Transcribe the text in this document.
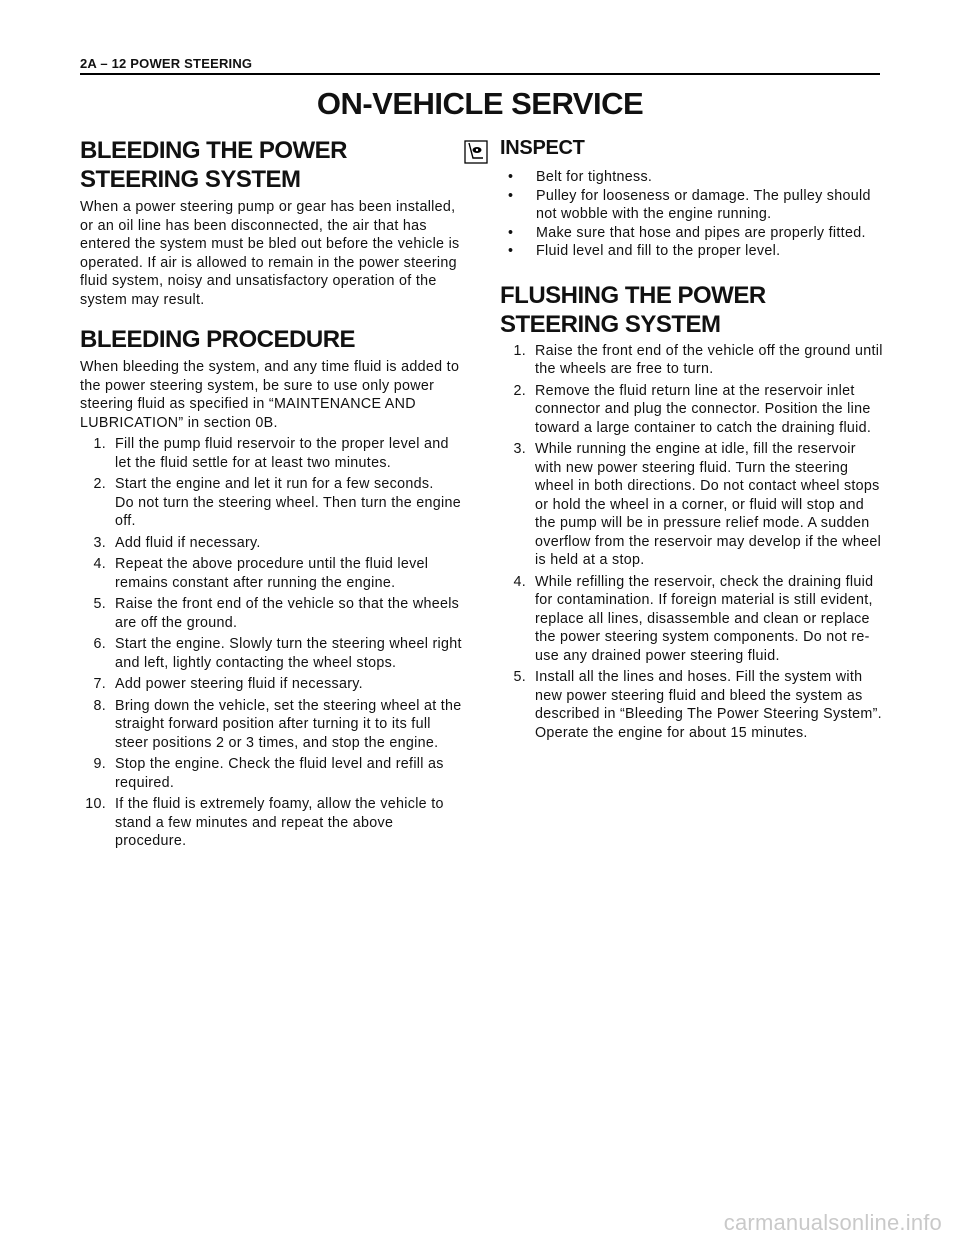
2A – 12 POWER STEERING
ON-VEHICLE SERVICE
BLEEDING THE POWER STEERING SYSTEM

When a power steering pump or gear has been installed, or an oil line has been disconnected, the air that has entered the system must be bled out before the vehicle is operated. If air is allowed to remain in the power steering fluid system, noisy and unsatisfactory operation of the system may result.

BLEEDING PROCEDURE

When bleeding the system, and any time fluid is added to the power steering system, be sure to use only power steering fluid as specified in “MAINTENANCE AND LUBRICATION” in section 0B.

1. Fill the pump fluid reservoir to the proper level and let the fluid settle for at least two minutes.
2. Start the engine and let it run for a few seconds.
Do not turn the steering wheel. Then turn the engine off.
3. Add fluid if necessary.
4. Repeat the above procedure until the fluid level remains constant after running the engine.
5. Raise the front end of the vehicle so that the wheels are off the ground.
6. Start the engine. Slowly turn the steering wheel right and left, lightly contacting the wheel stops.
7. Add power steering fluid if necessary.
8. Bring down the vehicle, set the steering wheel at the straight forward position after turning it to its full steer positions 2 or 3 times, and stop the engine.
9. Stop the engine. Check the fluid level and refill as required.
10. If the fluid is extremely foamy, allow the vehicle to stand a few minutes and repeat the above procedure.
INSPECT
• Belt for tightness.
• Pulley for looseness or damage. The pulley should not wobble with the engine running.
• Make sure that hose and pipes are properly fitted.
• Fluid level and fill to the proper level.
FLUSHING THE POWER STEERING SYSTEM
1. Raise the front end of the vehicle off the ground until the wheels are free to turn.
2. Remove the fluid return line at the reservoir inlet connector and plug the connector. Position the line toward a large container to catch the draining fluid.
3. While running the engine at idle, fill the reservoir with new power steering fluid. Turn the steering wheel in both directions. Do not contact wheel stops or hold the wheel in a corner, or fluid will stop and the pump will be in pressure relief mode. A sudden overflow from the reservoir may develop if the wheel is held at a stop.
4. While refilling the reservoir, check the draining fluid for contamination. If foreign material is still evident, replace all lines, disassemble and clean or replace the power steering system components. Do not re-use any drained power steering fluid.
5. Install all the lines and hoses. Fill the system with new power steering fluid and bleed the system as described in “Bleeding The Power Steering System”. Operate the engine for about 15 minutes.
carmanualsonline.info
